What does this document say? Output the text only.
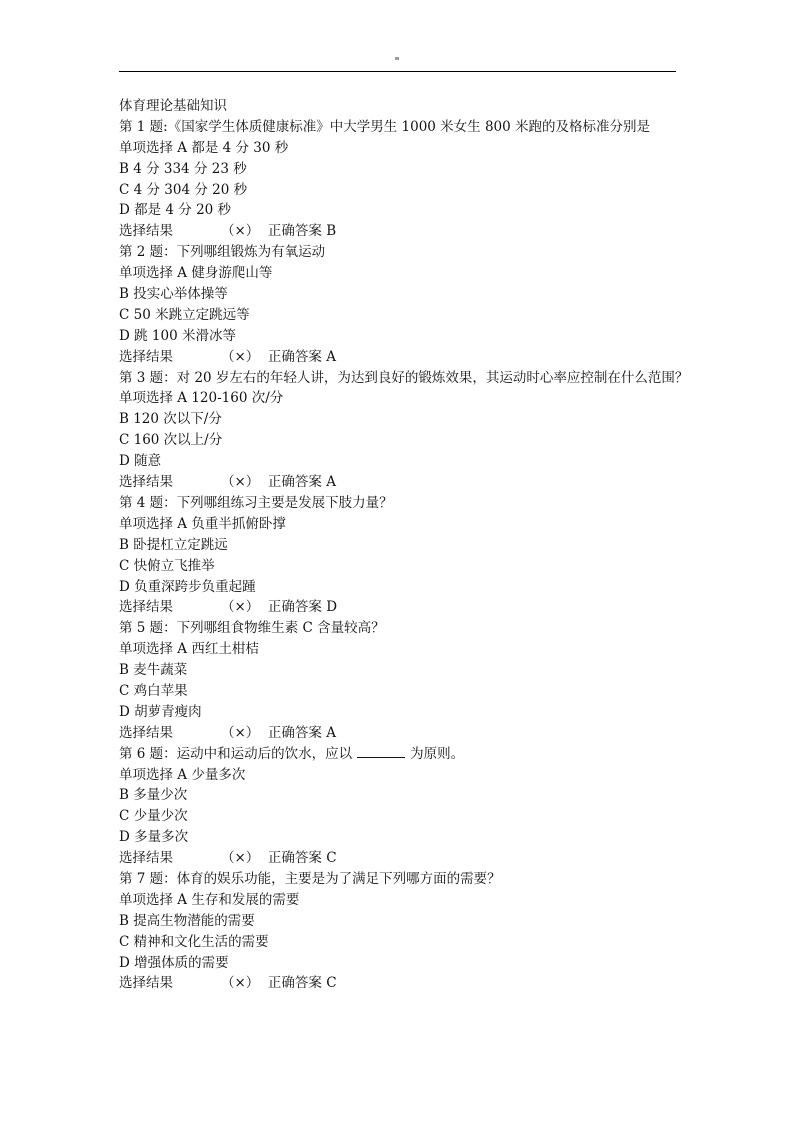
"
体育理论基础知识
第 1 题:《国家学生体质健康标准》中大学男生 1000 米女生 800 米跑的及格标准分别是
单项选择 A 都是 4 分 30 秒
B 4 分 334 分 23 秒
C 4 分 304 分 20 秒
D 都是 4 分 20 秒
选择结果	（×） 正确答案 B
第 2 题：下列哪组锻炼为有氧运动
单项选择 A 健身游爬山等
B 投实心举体操等
C 50 米跳立定跳远等
D 跳 100 米滑冰等
选择结果	（×） 正确答案 A
第 3 题：对 20 岁左右的年轻人讲，为达到良好的锻炼效果，其运动时心率应控制在什么范围？
单项选择 A 120-160 次/分
B 120 次以下/分
C 160 次以上/分
D 随意
选择结果	（×） 正确答案 A
第 4 题：下列哪组练习主要是发展下肢力量？
单项选择 A 负重半抓俯卧撑
B 卧提杠立定跳远
C 快俯立飞推举
D 负重深跨步负重起踵
选择结果	（×） 正确答案 D
第 5 题：下列哪组食物维生素 C 含量较高？
单项选择 A 西红土柑桔
B 麦牛蔬菜
C 鸡白苹果
D 胡萝青瘦肉
选择结果	（×） 正确答案 A
第 6 题：运动中和运动后的饮水，应以	为原则。
单项选择 A 少量多次
B 多量少次
C 少量少次
D 多量多次
选择结果	（×） 正确答案 C
第 7 题：体育的娱乐功能，主要是为了满足下列哪方面的需要？
单项选择 A 生存和发展的需要
B 提高生物潜能的需要
C 精神和文化生活的需要
D 增强体质的需要
选择结果	（×） 正确答案 C
